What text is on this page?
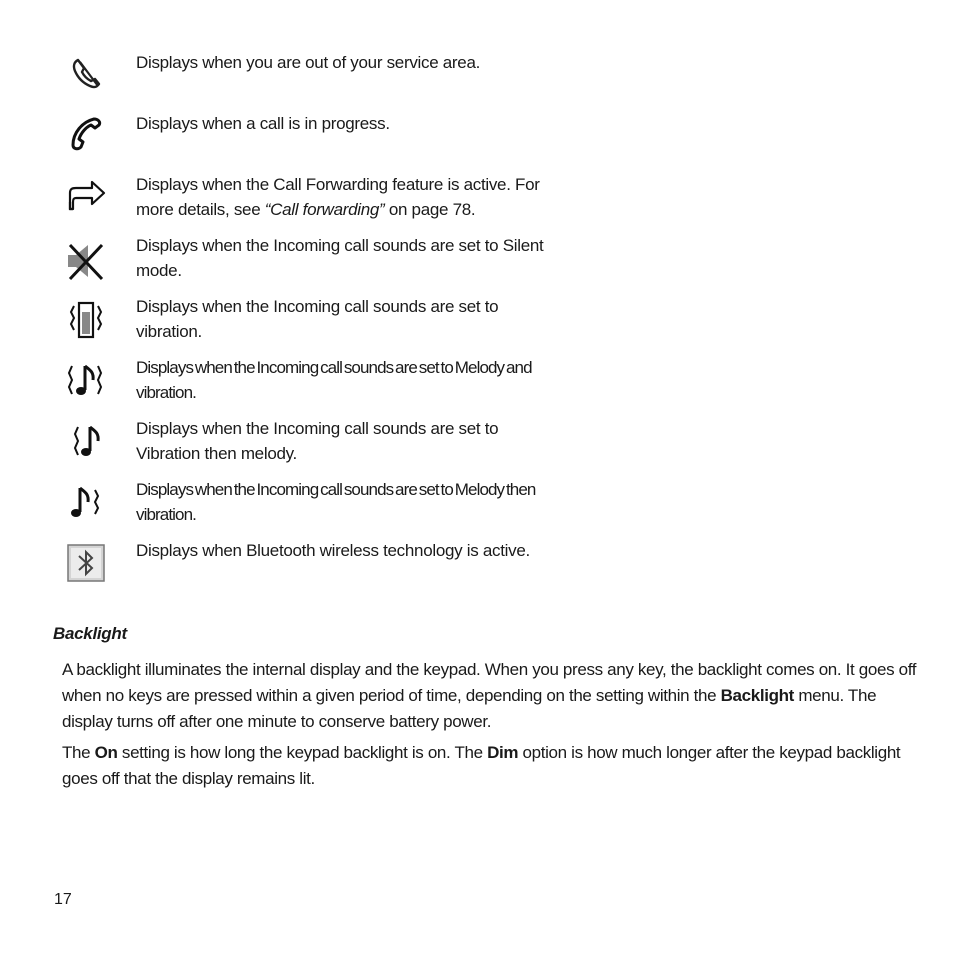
Displays when you are out of your service area.
Displays when a call is in progress.
Displays when the Call Forwarding feature is active. For more details, see “Call forwarding” on page 78.
Displays when the Incoming call sounds are set to Silent mode.
Displays when the Incoming call sounds are set to vibration.
Displays when the Incoming call sounds are set to Melody and vibration.
Displays when the Incoming call sounds are set to Vibration then melody.
Displays when the Incoming call sounds are set to Melody then vibration.
Displays when Bluetooth wireless technology is active.
Backlight
A backlight illuminates the internal display and the keypad. When you press any key, the backlight comes on. It goes off when no keys are pressed within a given period of time, depending on the setting within the Backlight menu. The display turns off after one minute to conserve battery power.
The On setting is how long the keypad backlight is on. The Dim option is how much longer after the keypad backlight goes off that the display remains lit.
17
